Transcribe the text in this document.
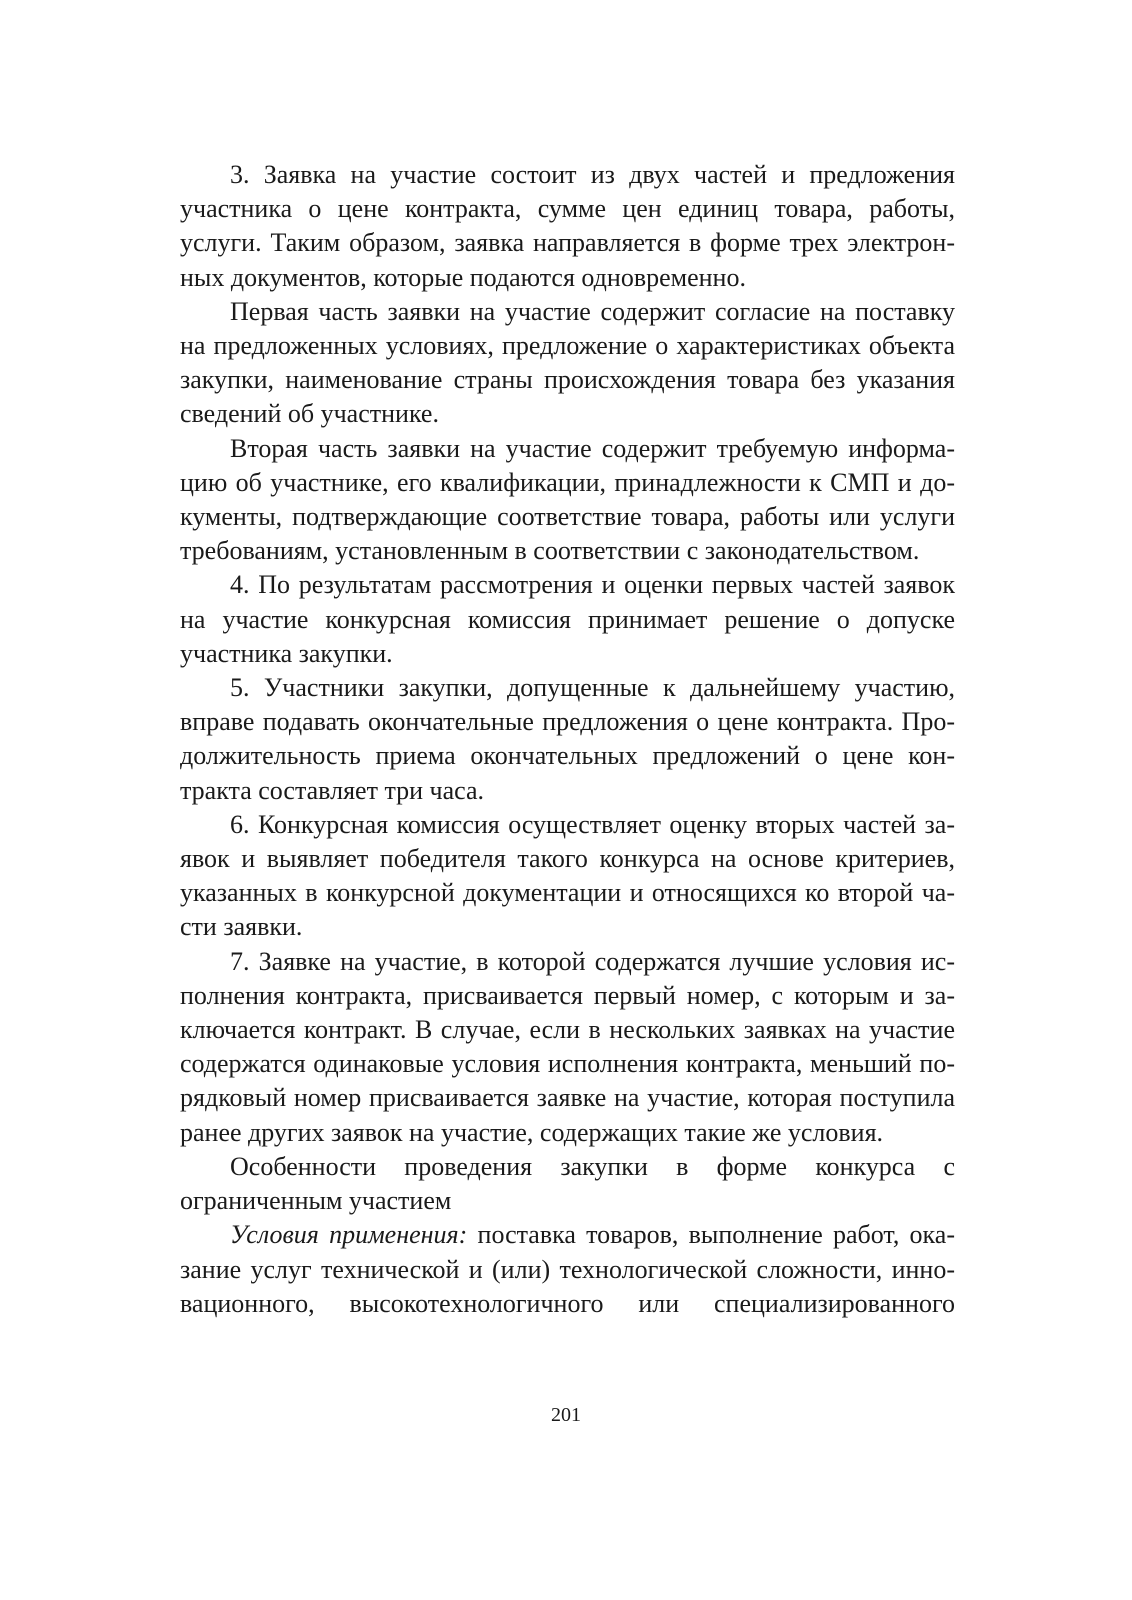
3. Заявка на участие состоит из двух частей и предложения участника о цене контракта, сумме цен единиц товара, работы, услуги. Таким образом, заявка направляется в форме трех электронных документов, которые подаются одновременно.

Первая часть заявки на участие содержит согласие на поставку на предложенных условиях, предложение о характеристиках объекта закупки, наименование страны происхождения товара без указания сведений об участнике.

Вторая часть заявки на участие содержит требуемую информацию об участнике, его квалификации, принадлежности к СМП и документы, подтверждающие соответствие товара, работы или услуги требованиям, установленным в соответствии с законодательством.

4. По результатам рассмотрения и оценки первых частей заявок на участие конкурсная комиссия принимает решение о допуске участника закупки.

5. Участники закупки, допущенные к дальнейшему участию, вправе подавать окончательные предложения о цене контракта. Продолжительность приема окончательных предложений о цене контракта составляет три часа.

6. Конкурсная комиссия осуществляет оценку вторых частей заявок и выявляет победителя такого конкурса на основе критериев, указанных в конкурсной документации и относящихся ко второй части заявки.

7. Заявке на участие, в которой содержатся лучшие условия исполнения контракта, присваивается первый номер, с которым и заключается контракт. В случае, если в нескольких заявках на участие содержатся одинаковые условия исполнения контракта, меньший порядковый номер присваивается заявке на участие, которая поступила ранее других заявок на участие, содержащих такие же условия.

Особенности проведения закупки в форме конкурса с ограниченным участием

Условия применения: поставка товаров, выполнение работ, оказание услуг технической и (или) технологической сложности, инновационного, высокотехнологичного или специализированного

201
